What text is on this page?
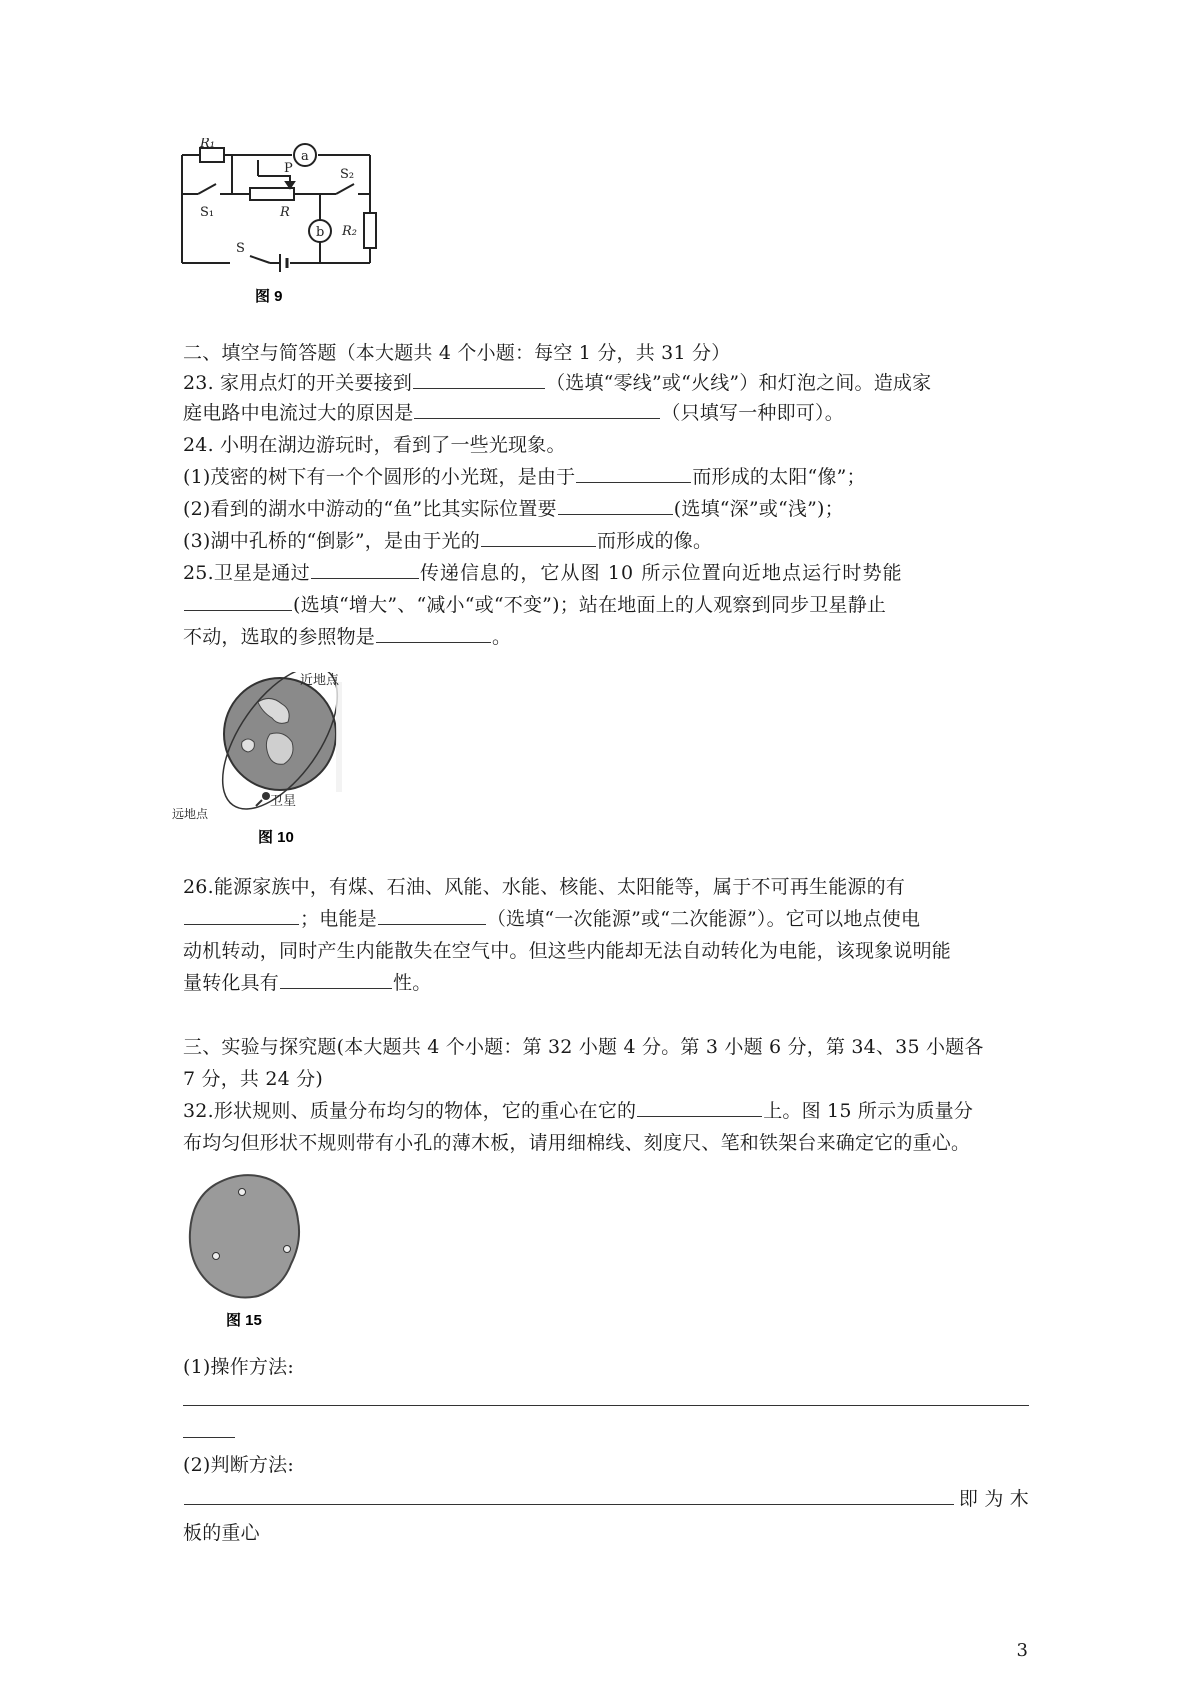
R₁
a
S₂
P
S₁	R
b R₂
S
图 9
二、填空与简答题（本大题共 4 个小题：每空 1 分，共 31 分）
23. 家用点灯的开关要接到	（选填“零线”或“火线”）和灯泡之间。造成家
庭电路中电流过大的原因是	（只填写一种即可）。
24. 小明在湖边游玩时，看到了一些光现象。
(1)茂密的树下有一个个圆形的小光斑，是由于	而形成的太阳“像”；
(2)看到的湖水中游动的“鱼”比其实际位置要	(选填“深”或“浅”)；
(3)湖中孔桥的“倒影”，是由于光的	而形成的像。
25.卫星是通过	传递信息的，它从图 10 所示位置向近地点运行时势能
(选填“增大”、“减小“或“不变”)；站在地面上的人观察到同步卫星静止
不动，选取的参照物是	。
近地点
卫星
远地点
图 10
26.能源家族中，有煤、石油、风能、水能、核能、太阳能等，属于不可再生能源的有
；电能是	（选填“一次能源”或“二次能源”）。它可以地点使电
动机转动，同时产生内能散失在空气中。但这些内能却无法自动转化为电能，该现象说明能
量转化具有	性。
三、实验与探究题(本大题共 4 个小题：第 32 小题 4 分。第 3 小题 6 分，第 34、35 小题各
7 分，共 24 分)
32.形状规则、质量分布均匀的物体，它的重心在它的	上。图 15 所示为质量分
布均匀但形状不规则带有小孔的薄木板，请用细棉线、刻度尺、笔和铁架台来确定它的重心。
图 15
(1)操作方法:
(2)判断方法:
即 为 木
板的重心
3
